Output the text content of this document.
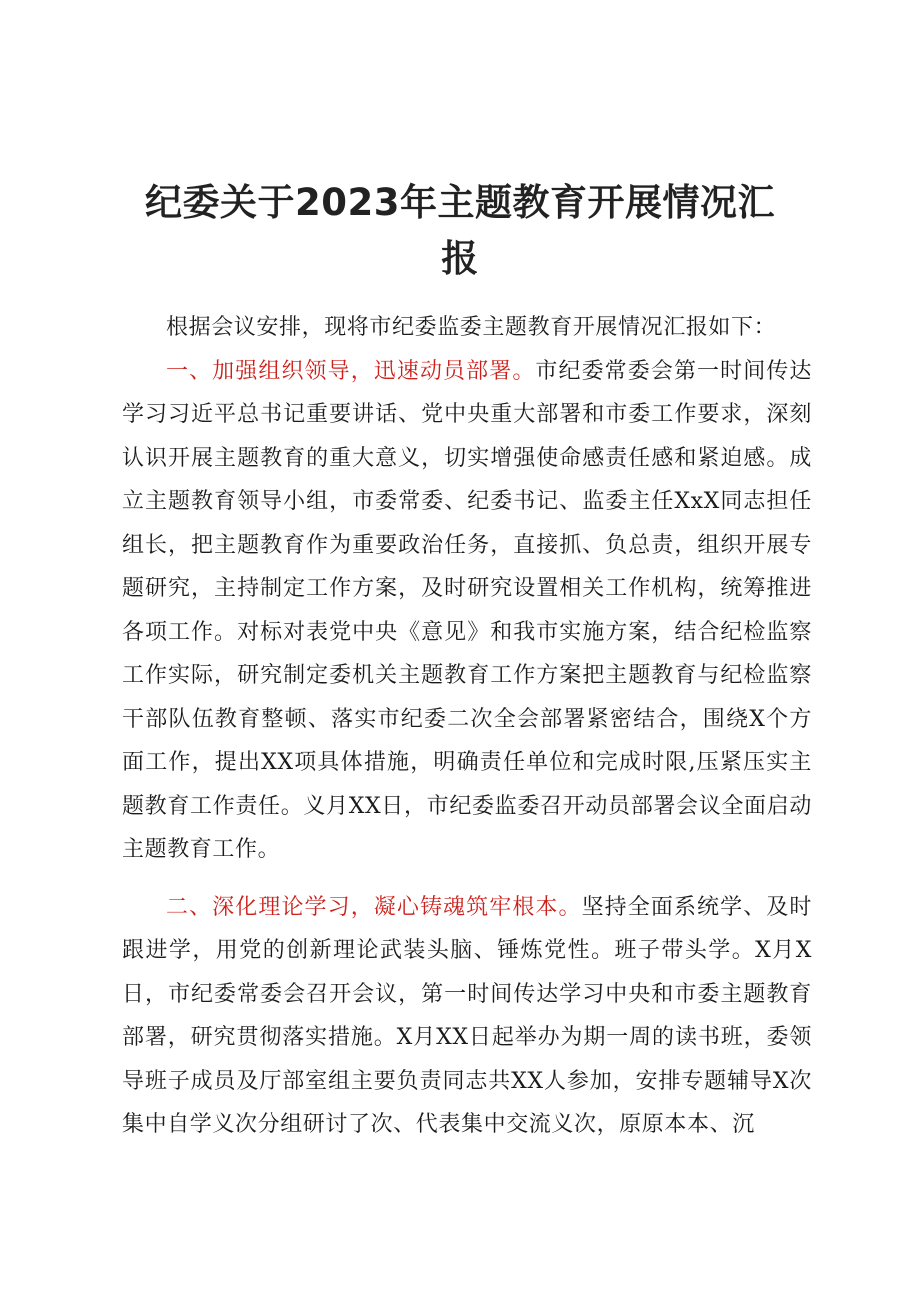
纪委关于2023年主题教育开展情况汇
报

根据会议安排，现将市纪委监委主题教育开展情况汇报如下：

一、加强组织领导，迅速动员部署。市纪委常委会第一时间传达学习习近平总书记重要讲话、党中央重大部署和市委工作要求，深刻认识开展主题教育的重大意义，切实增强使命感责任感和紧迫感。成立主题教育领导小组，市委常委、纪委书记、监委主任XxX同志担任组长，把主题教育作为重要政治任务，直接抓、负总责，组织开展专题研究，主持制定工作方案，及时研究设置相关工作机构，统筹推进各项工作。对标对表党中央《意见》和我市实施方案，结合纪检监察工作实际，研究制定委机关主题教育工作方案把主题教育与纪检监察干部队伍教育整顿、落实市纪委二次全会部署紧密结合，围绕X个方面工作，提出XX项具体措施，明确责任单位和完成时限,压紧压实主题教育工作责任。义月XX日，市纪委监委召开动员部署会议全面启动主题教育工作。

二、深化理论学习，凝心铸魂筑牢根本。坚持全面系统学、及时跟进学，用党的创新理论武装头脑、锤炼党性。班子带头学。X月X日，市纪委常委会召开会议，第一时间传达学习中央和市委主题教育部署，研究贯彻落实措施。X月XX日起举办为期一周的读书班，委领导班子成员及厅部室组主要负责同志共XX人参加，安排专题辅导X次集中自学义次分组研讨了次、代表集中交流义次，原原本本、沉
